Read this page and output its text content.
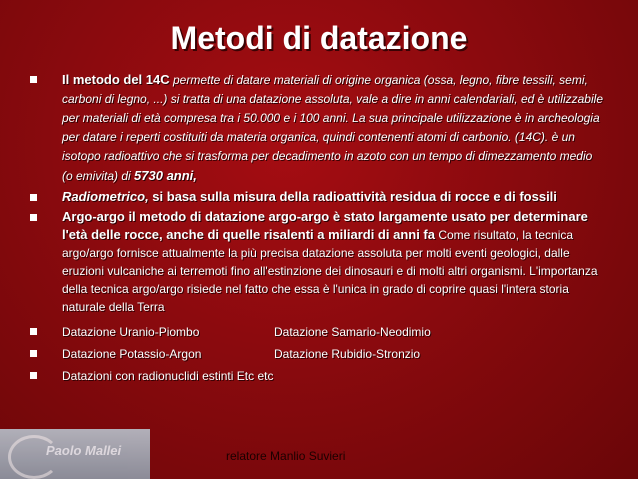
Metodi di datazione
Il metodo del 14C permette di datare materiali di origine organica (ossa, legno, fibre tessili, semi, carboni di legno, ...) si tratta di una datazione assoluta, vale a dire in anni calendariali, ed è utilizzabile per materiali di età compresa tra i 50.000 e i 100 anni. La sua principale utilizzazione è in archeologia per datare i reperti costituiti da materia organica, quindi contenenti atomi di carbonio. (14C). è un isotopo radioattivo che si trasforma per decadimento in azoto con un tempo di dimezzamento medio (o emivita) di 5730 anni,
Radiometrico, si basa sulla misura della radioattività residua di rocce e di fossili
Argo-argo il metodo di datazione argo-argo è stato largamente usato per determinare l'età delle rocce, anche di quelle risalenti a miliardi di anni fa Come risultato, la tecnica argo/argo fornisce attualmente la più precisa datazione assoluta per molti eventi geologici, dalle eruzioni vulcaniche ai terremoti fino all'estinzione dei dinosauri e di molti altri organismi. L'importanza della tecnica argo/argo risiede nel fatto che essa è l'unica in grado di coprire quasi l'intera storia naturale della Terra
Datazione Uranio-Piombo	Datazione Samario-Neodimio
Datazione Potassio-Argon	Datazione Rubidio-Stronzio
Datazioni con radionuclidi estinti Etc etc
Paolo Mallei	relatore Manlio Suvieri
